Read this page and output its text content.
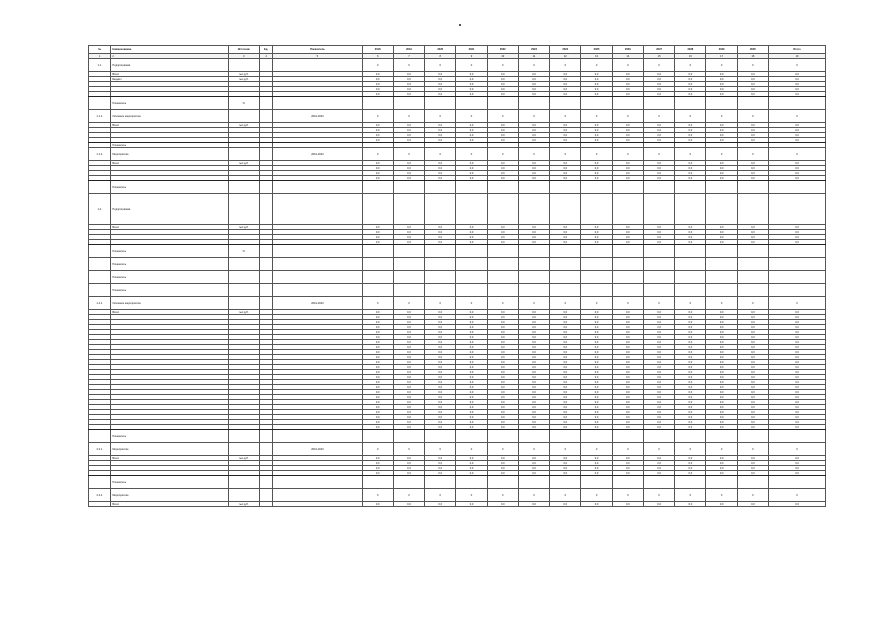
№	Наименование	Источник	Ед.	Показатель	2018	2019	2020	2021	2022	2023	2024	2025	2026	2027	2028	2029	2030	Итого
1	2	3	4	5	6	7	8	9	10	11	12	13	14	15	16	17	18	19
1.1.	Подпрограмма				0	0	0	0	0	0	0	0	0	0	0	0	0	0
	Всего	тыс.руб.			0,0	0,0	0,0	0,0	0,0	0,0	0,0	0,0	0,0	0,0	0,0	0,0	0,0	0,0
	Бюджет	тыс.руб.			0,0	0,0	0,0	0,0	0,0	0,0	0,0	0,0	0,0	0,0	0,0	0,0	0,0	0,0
					0,0	0,0	0,0	0,0	0,0	0,0	0,0	0,0	0,0	0,0	0,0	0,0	0,0	0,0
					0,0	0,0	0,0	0,0	0,0	0,0	0,0	0,0	0,0	0,0	0,0	0,0	0,0	0,0
					0,0	0,0	0,0	0,0	0,0	0,0	0,0	0,0	0,0	0,0	0,0	0,0	0,0	0,0
	Показатель	%																
1.1.1.	Основное мероприятие			2019-2023	0	0	0	0	0	0	0	0	0	0	0	0	0	0
	Всего	тыс.руб.			0,0	0,0	0,0	0,0	0,0	0,0	0,0	0,0	0,0	0,0	0,0	0,0	0,0	0,0
					0,0	0,0	0,0	0,0	0,0	0,0	0,0	0,0	0,0	0,0	0,0	0,0	0,0	0,0
					0,0	0,0	0,0	0,0	0,0	0,0	0,0	0,0	0,0	0,0	0,0	0,0	0,0	0,0
					0,0	0,0	0,0	0,0	0,0	0,0	0,0	0,0	0,0	0,0	0,0	0,0	0,0	0,0
	Показатель																	
1.1.2.	Мероприятие			2019-2023	0	0	0	0	0	0	0	0	0	0	0	0	0	0
	Всего	тыс.руб.			0,0	0,0	0,0	0,0	0,0	0,0	0,0	0,0	0,0	0,0	0,0	0,0	0,0	0,0
					0,0	0,0	0,0	0,0	0,0	0,0	0,0	0,0	0,0	0,0	0,0	0,0	0,0	0,0
					0,0	0,0	0,0	0,0	0,0	0,0	0,0	0,0	0,0	0,0	0,0	0,0	0,0	0,0
					0,0	0,0	0,0	0,0	0,0	0,0	0,0	0,0	0,0	0,0	0,0	0,0	0,0	0,0
	Показатель																	
1.2.	Подпрограмма																	
	Всего	тыс.руб.			0,0	0,0	0,0	0,0	0,0	0,0	0,0	0,0	0,0	0,0	0,0	0,0	0,0	0,0
					0,0	0,0	0,0	0,0	0,0	0,0	0,0	0,0	0,0	0,0	0,0	0,0	0,0	0,0
					0,0	0,0	0,0	0,0	0,0	0,0	0,0	0,0	0,0	0,0	0,0	0,0	0,0	0,0
					0,0	0,0	0,0	0,0	0,0	0,0	0,0	0,0	0,0	0,0	0,0	0,0	0,0	0,0
	Показатель	%																
	Показатель																	
	Показатель																	
	Показатель																	
1.2.1.	Основное мероприятие			2019-2023	0	0	0	0	0	0	0	0	0	0	0	0	0	0
	Всего	тыс.руб.			0,0	0,0	0,0	0,0	0,0	0,0	0,0	0,0	0,0	0,0	0,0	0,0	0,0	0,0
					0,0	0,0	0,0	0,0	0,0	0,0	0,0	0,0	0,0	0,0	0,0	0,0	0,0	0,0
					0,0	0,0	0,0	0,0	0,0	0,0	0,0	0,0	0,0	0,0	0,0	0,0	0,0	0,0
					0,0	0,0	0,0	0,0	0,0	0,0	0,0	0,0	0,0	0,0	0,0	0,0	0,0	0,0
					0,0	0,0	0,0	0,0	0,0	0,0	0,0	0,0	0,0	0,0	0,0	0,0	0,0	0,0
					0,0	0,0	0,0	0,0	0,0	0,0	0,0	0,0	0,0	0,0	0,0	0,0	0,0	0,0
					0,0	0,0	0,0	0,0	0,0	0,0	0,0	0,0	0,0	0,0	0,0	0,0	0,0	0,0
					0,0	0,0	0,0	0,0	0,0	0,0	0,0	0,0	0,0	0,0	0,0	0,0	0,0	0,0
					0,0	0,0	0,0	0,0	0,0	0,0	0,0	0,0	0,0	0,0	0,0	0,0	0,0	0,0
					0,0	0,0	0,0	0,0	0,0	0,0	0,0	0,0	0,0	0,0	0,0	0,0	0,0	0,0
					0,0	0,0	0,0	0,0	0,0	0,0	0,0	0,0	0,0	0,0	0,0	0,0	0,0	0,0
					0,0	0,0	0,0	0,0	0,0	0,0	0,0	0,0	0,0	0,0	0,0	0,0	0,0	0,0
					0,0	0,0	0,0	0,0	0,0	0,0	0,0	0,0	0,0	0,0	0,0	0,0	0,0	0,0
					0,0	0,0	0,0	0,0	0,0	0,0	0,0	0,0	0,0	0,0	0,0	0,0	0,0	0,0
					0,0	0,0	0,0	0,0	0,0	0,0	0,0	0,0	0,0	0,0	0,0	0,0	0,0	0,0
					0,0	0,0	0,0	0,0	0,0	0,0	0,0	0,0	0,0	0,0	0,0	0,0	0,0	0,0
					0,0	0,0	0,0	0,0	0,0	0,0	0,0	0,0	0,0	0,0	0,0	0,0	0,0	0,0
					0,0	0,0	0,0	0,0	0,0	0,0	0,0	0,0	0,0	0,0	0,0	0,0	0,0	0,0
					0,0	0,0	0,0	0,0	0,0	0,0	0,0	0,0	0,0	0,0	0,0	0,0	0,0	0,0
					0,0	0,0	0,0	0,0	0,0	0,0	0,0	0,0	0,0	0,0	0,0	0,0	0,0	0,0
					0,0	0,0	0,0	0,0	0,0	0,0	0,0	0,0	0,0	0,0	0,0	0,0	0,0	0,0
					0,0	0,0	0,0	0,0	0,0	0,0	0,0	0,0	0,0	0,0	0,0	0,0	0,0	0,0
					0,0	0,0	0,0	0,0	0,0	0,0	0,0	0,0	0,0	0,0	0,0	0,0	0,0	0,0
					0,0	0,0	0,0	0,0	0,0	0,0	0,0	0,0	0,0	0,0	0,0	0,0	0,0	0,0
	Показатель																	
4.3.1.	Мероприятие			2019-2023	0	0	0	0	0	0	0	0	0	0	0	0	0	0
	Всего	тыс.руб.			0,0	0,0	0,0	0,0	0,0	0,0	0,0	0,0	0,0	0,0	0,0	0,0	0,0	0,0
					0,0	0,0	0,0	0,0	0,0	0,0	0,0	0,0	0,0	0,0	0,0	0,0	0,0	0,0
					0,0	0,0	0,0	0,0	0,0	0,0	0,0	0,0	0,0	0,0	0,0	0,0	0,0	0,0
					0,0	0,0	0,0	0,0	0,0	0,0	0,0	0,0	0,0	0,0	0,0	0,0	0,0	0,0
	Показатель																	
4.3.2.	Мероприятие				0	0	0	0	0	0	0	0	0	0	0	0	0	0
	Всего	тыс.руб.			0,0	0,0	0,0	0,0	0,0	0,0	0,0	0,0	0,0	0,0	0,0	0,0	0,0	0,0
